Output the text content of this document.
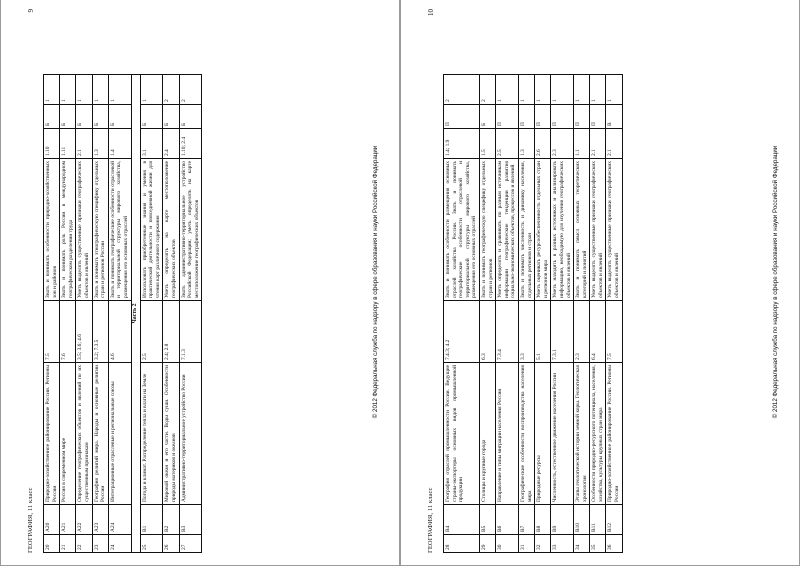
ГЕОГРАФИЯ, 11 класс
9
20	A20	Природно-хозяйственное районирование России. Регионы России	7.5	Знать и понимать особенности природно-хозяйственных зон и районов	1.10	Б	1
21	A21	Россия в современном мире	7.6	Знать и понимать роль России в международном географическом разделении труда	1.11	Б	1
22	A22	Определение географических объектов и явлений по их существенным признакам	3.5; 3.6; 4.6	Уметь выделять существенные признаки географических объектов и явлений	2.1	Б	1
23	A23	География религий мира. Народы и основные религии России	3.2; 7.3.5	Знать и понимать этнографическую специфику отдельных стран и регионов России	1.3	Б	1
24	A24	Интеграционные отраслевые и региональные союзы	4.6	Знать и понимать географические особенности отраслевой и территориальной структуры мирового хозяйства, размещения его основных отраслей	1.4	Б	1
Часть 2							
25	B1	Погода и климат. Распределение тепла и влаги на Земле	2.5	Использовать приобретенные знания и умения в практической деятельности и повседневной жизни для чтения карт различного содержания	3.1	Б	1
26	B2	Мировой океан и его части. Воды суши. Особенности природы материков и океанов	2.4; 2.8	Уметь определять на карте местоположение географических объектов	2.4	Б	2
27	B3	Административно-территориальное устройство России	7.1.3	Знать административно-территориальное устройство Российской Федерации; уметь определять на карте местоположение географических объектов	1.10; 2.4	Б	2
© 2012 Федеральная служба по надзору в сфере образования и науки Российской Федерации
ГЕОГРАФИЯ, 11 класс
10
28	B4	География отраслей промышленности России. Ведущие страны-экспортеры основных видов промышленной продукции	7.4.3; 4.2	Знать и понимать особенности размещения основных отраслей хозяйства России. Знать и понимать географические особенности отраслевой и территориальной структуры мирового хозяйства, размещения его основных отраслей	1.4; 1.9	П	2
29	B5	Столицы и крупные города	6.3	Знать и понимать географическую специфику отдельных стран и регионов	1.5	Б	2
30	B6	Направление и типы миграции населения России	7.3.4	Уметь определять и сравнивать по разным источникам информации географические тенденции развития социально-экономических объектов, процессов и явлений	2.5	П	1
31	B7	Географические особенности воспроизводства населения мира	3.3	Знать и понимать численность и динамику населения, отдельных регионов и стран	1.3	П	1
32	B8	Природные ресурсы	5.1	Уметь оценивать ресурсообеспеченность отдельных стран и регионов мира	2.6	П	1
33	B9	Численность, естественное движение населения России	7.3.1	Уметь находить в разных источниках и анализировать информацию, необходимую для изучения географических объектов и явлений	2.3	П	1
34	B10	Этапы геологической истории земной коры. Геологическая хронология	2.3	Знать и понимать смысл основных теоретических категорий и понятий	1.1	П	1
35	B11	Особенности природно-ресурсного потенциала, населения, хозяйства, культуры крупных стран мира	6.4	Уметь выделять существенные признаки географических объектов и явлений	2.1	П	1
36	B12	Природно-хозяйственное районирование России. Регионы России	7.5	Уметь выделять существенные признаки географических объектов и явлений	2.1	В	1
© 2012 Федеральная служба по надзору в сфере образования и науки Российской Федерации
